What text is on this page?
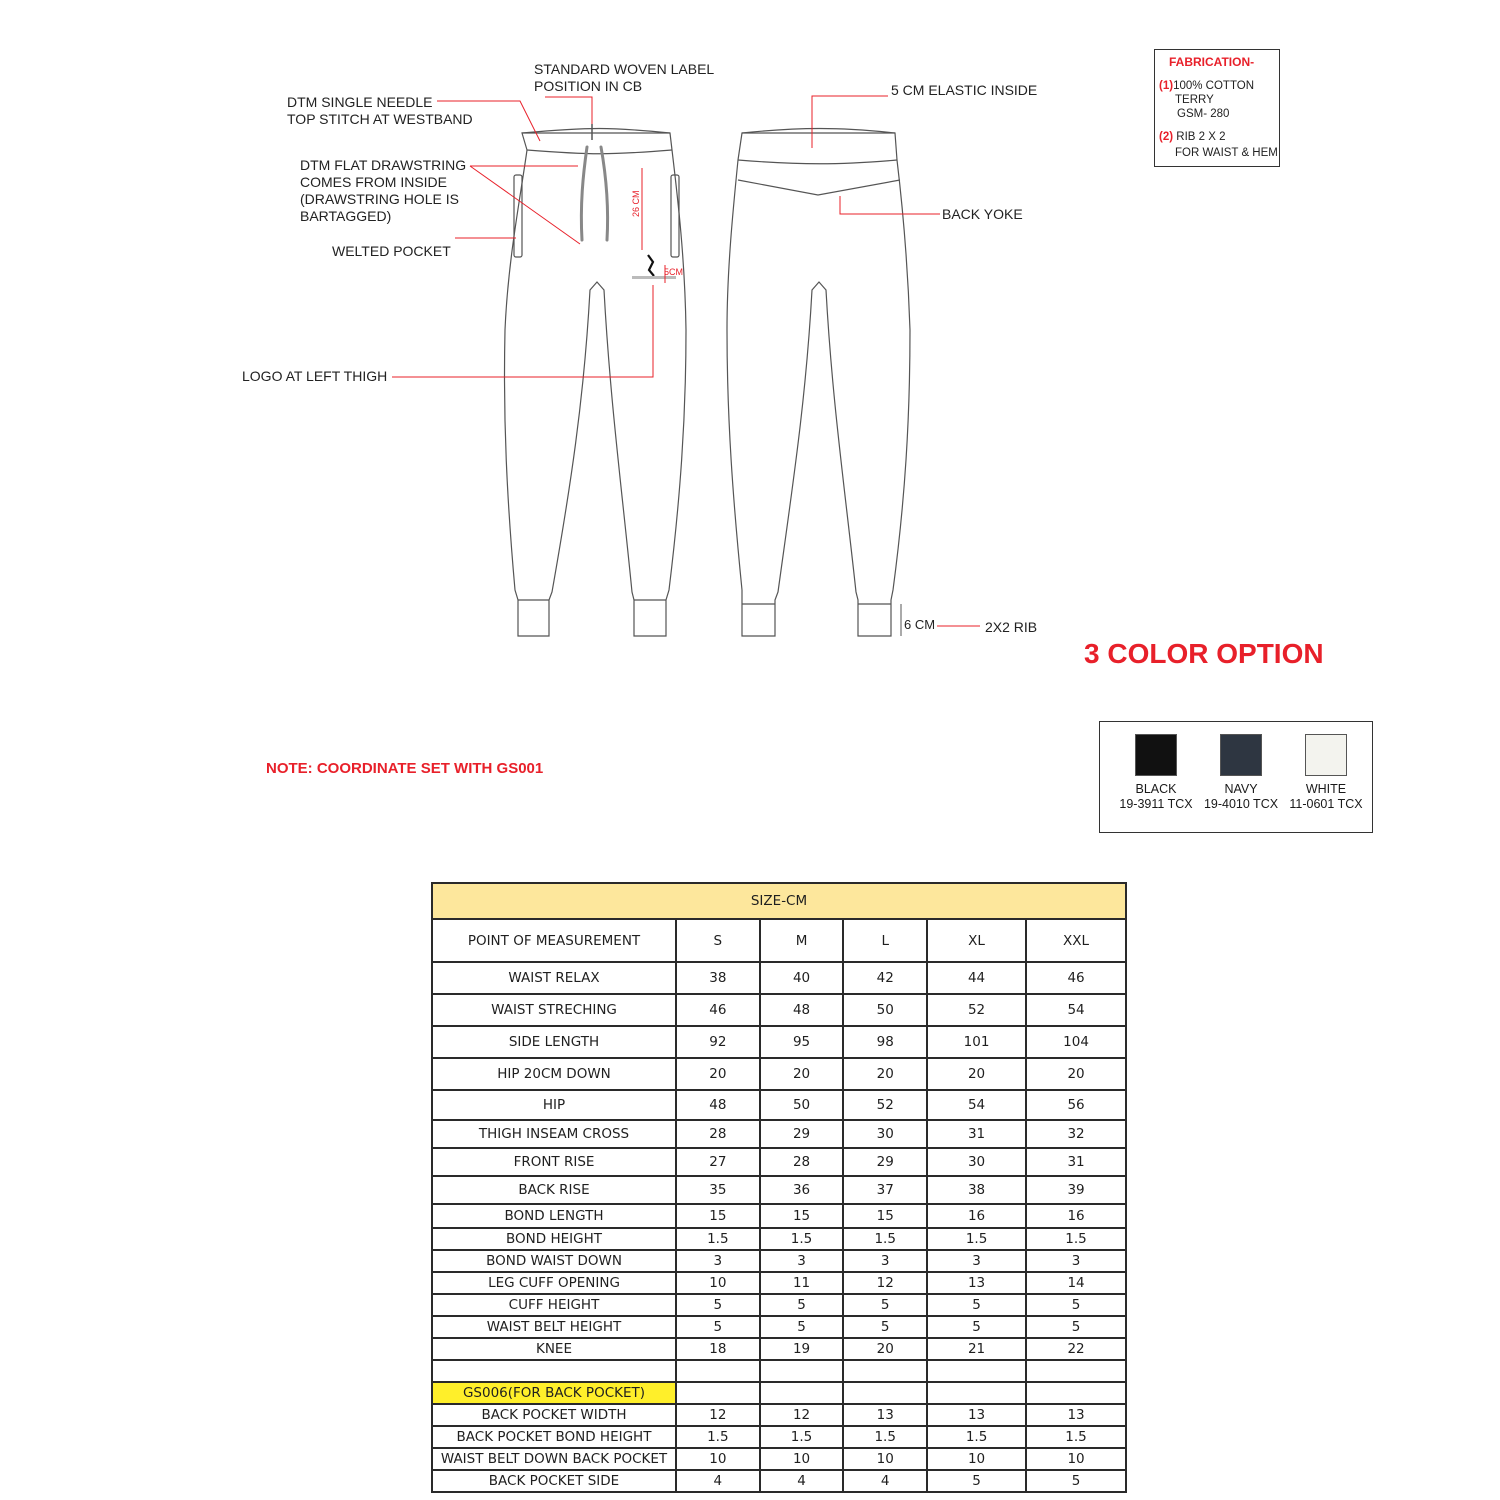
STANDARD WOVEN LABEL
POSITION IN CB
DTM SINGLE NEEDLE
TOP STITCH AT WESTBAND
DTM FLAT DRAWSTRING
COMES FROM INSIDE
(DRAWSTRING HOLE IS
BARTAGGED)
WELTED POCKET
LOGO AT LEFT THIGH
5 CM ELASTIC INSIDE
BACK YOKE
6 CM	2X2 RIB
26 CM
5CM
FABRICATION-
(1)100% COTTON
TERRY
GSM- 280
(2) RIB 2 X 2
FOR WAIST & HEM
3 COLOR OPTION
BLACK
19-3911 TCX
NAVY
19-4010 TCX
WHITE
11-0601 TCX
NOTE: COORDINATE SET WITH GS001
SIZE-CM					
POINT OF MEASUREMENT	S	M	L	XL	XXL
WAIST RELAX	38	40	42	44	46
WAIST STRECHING	46	48	50	52	54
SIDE LENGTH	92	95	98	101	104
HIP 20CM DOWN	20	20	20	20	20
HIP	48	50	52	54	56
THIGH INSEAM CROSS	28	29	30	31	32
FRONT RISE	27	28	29	30	31
BACK RISE	35	36	37	38	39
BOND LENGTH	15	15	15	16	16
BOND HEIGHT	1.5	1.5	1.5	1.5	1.5
BOND WAIST DOWN	3	3	3	3	3
LEG CUFF OPENING	10	11	12	13	14
CUFF HEIGHT	5	5	5	5	5
WAIST BELT HEIGHT	5	5	5	5	5
KNEE	18	19	20	21	22

GS006(FOR BACK POCKET)					
BACK POCKET WIDTH	12	12	13	13	13
BACK POCKET BOND HEIGHT	1.5	1.5	1.5	1.5	1.5
WAIST BELT DOWN BACK POCKET	10	10	10	10	10
BACK POCKET SIDE	4	4	4	5	5
